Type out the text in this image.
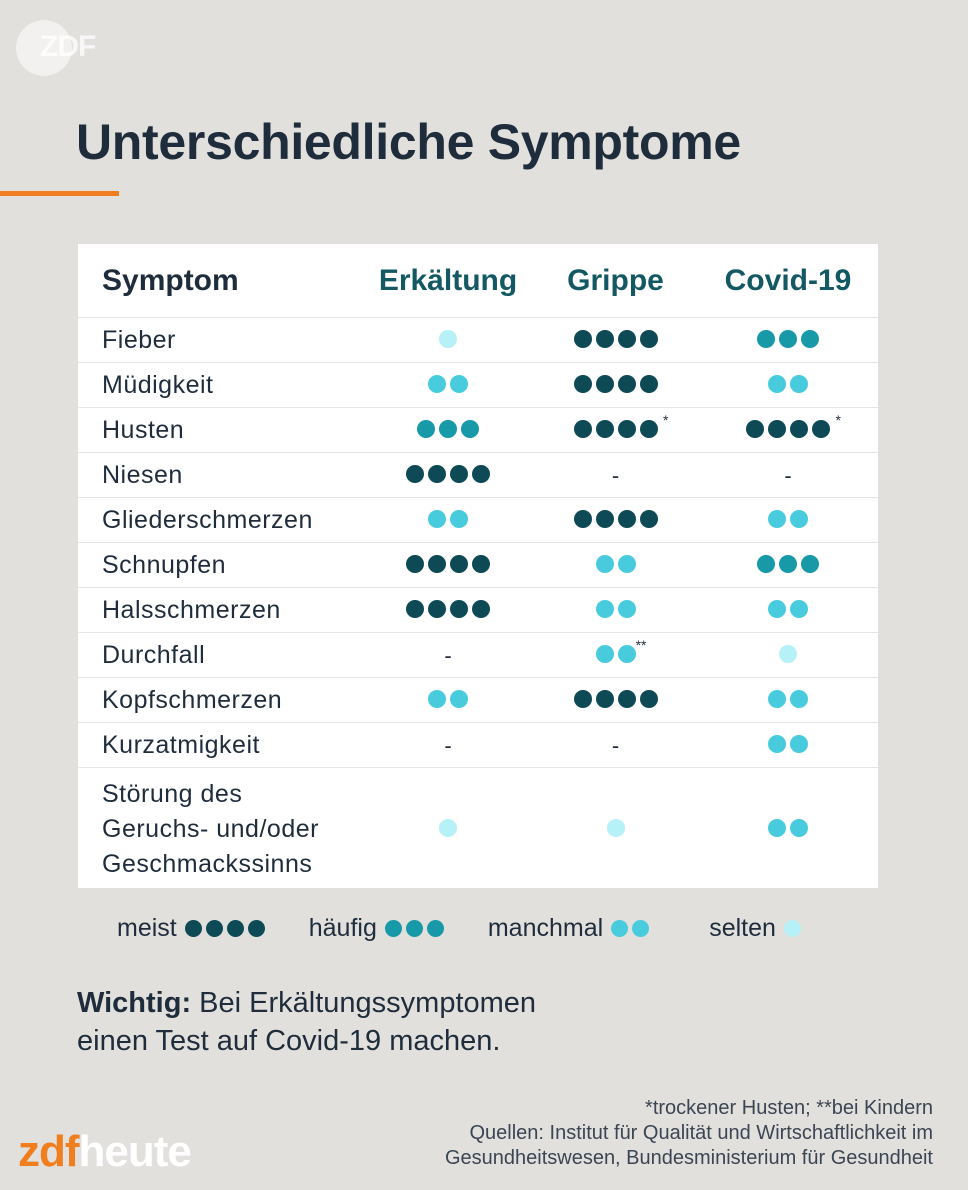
ZDF
Unterschiedliche Symptome
Symptom	Erkältung	Grippe	Covid-19
Fieber	

Müdigkeit	

Husten		*	*

Niesen		-	-
Gliederschmerzen	

Schnupfen	

Halsschmerzen	

Durchfall	-	**	

Kopfschmerzen	

Kurzatmigkeit	-	-	

Störung des
Geruchs- und/oder
Geschmackssinns	

meist	häufig	manchmal	selten
Wichtig: Bei Erkältungssymptomen
einen Test auf Covid-19 machen.
*trockener Husten; **bei Kindern
Quellen: Institut für Qualität und Wirtschaftlichkeit im
Gesundheitswesen, Bundesministerium für Gesundheit
zdfheute
